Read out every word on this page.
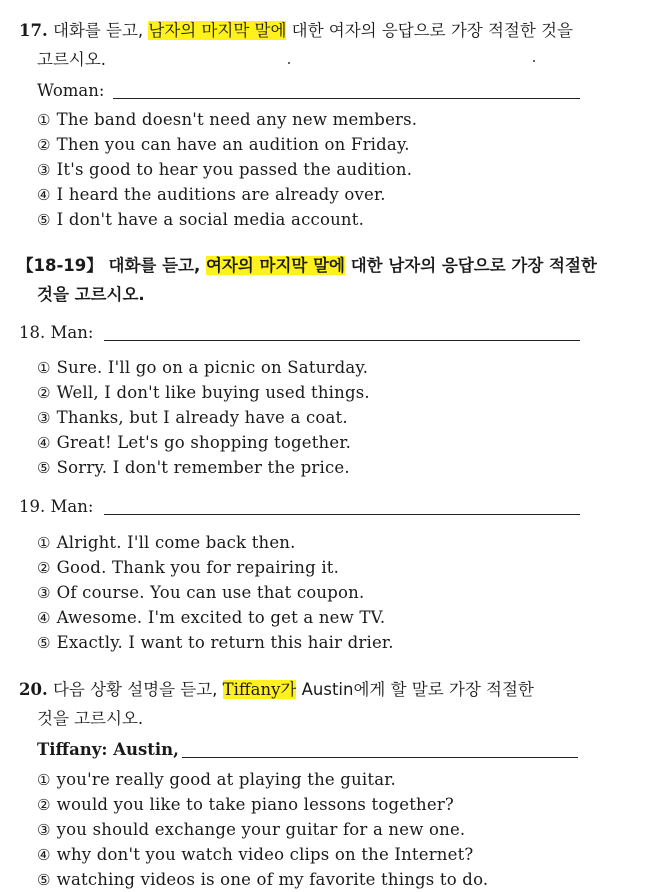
17. 대화를 듣고, 남자의 마지막 말에 대한 여자의 응답으로 가장 적절한 것을
고르시오.
Woman:
① The band doesn't need any new members.
② Then you can have an audition on Friday.
③ It's good to hear you passed the audition.
④ I heard the auditions are already over.
⑤ I don't have a social media account.
【18-19】 대화를 듣고, 여자의 마지막 말에 대한 남자의 응답으로 가장 적절한
것을 고르시오.
18. Man:
① Sure. I'll go on a picnic on Saturday.
② Well, I don't like buying used things.
③ Thanks, but I already have a coat.
④ Great! Let's go shopping together.
⑤ Sorry. I don't remember the price.
19. Man:
① Alright. I'll come back then.
② Good. Thank you for repairing it.
③ Of course. You can use that coupon.
④ Awesome. I'm excited to get a new TV.
⑤ Exactly. I want to return this hair drier.
20. 다음 상황 설명을 듣고, Tiffany가 Austin에게 할 말로 가장 적절한
것을 고르시오.
Tiffany: Austin,
① you're really good at playing the guitar.
② would you like to take piano lessons together?
③ you should exchange your guitar for a new one.
④ why don't you watch video clips on the Internet?
⑤ watching videos is one of my favorite things to do.
